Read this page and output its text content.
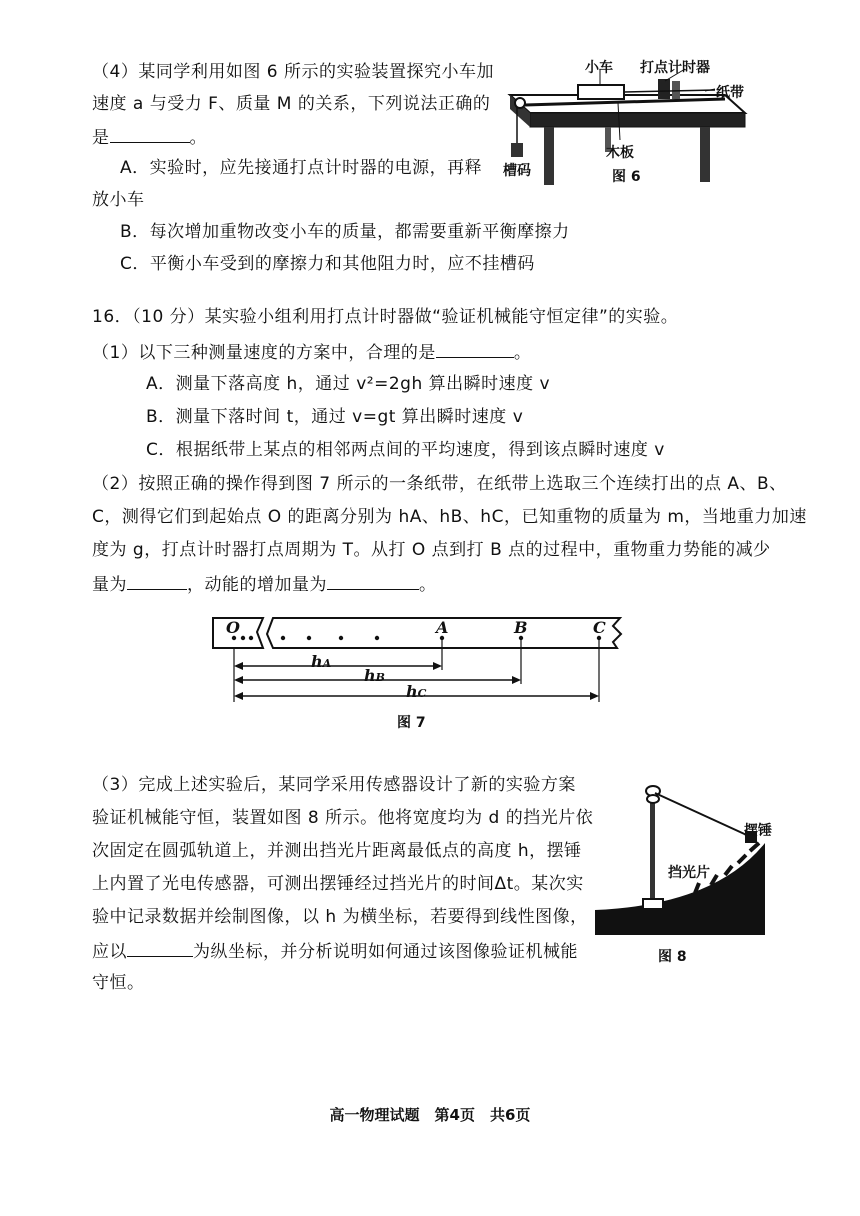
（4）某同学利用如图 6 所示的实验装置探究小车加
速度 a 与受力 F、质量 M 的关系，下列说法正确的
是	。
A．实验时，应先接通打点计时器的电源，再释
放小车
B．每次增加重物改变小车的质量，都需要重新平衡摩擦力
C．平衡小车受到的摩擦力和其他阻力时，应不挂槽码
小车 打点计时器
纸带
木板
槽码	图 6
16．（10 分）某实验小组利用打点计时器做“验证机械能守恒定律”的实验。
（1）以下三种测量速度的方案中，合理的是	。
A．测量下落高度 h，通过 v²=2gh 算出瞬时速度 v
B．测量下落时间 t，通过 v=gt 算出瞬时速度 v
C．根据纸带上某点的相邻两点间的平均速度，得到该点瞬时速度 v
（2）按照正确的操作得到图 7 所示的一条纸带，在纸带上选取三个连续打出的点 A、B、
C，测得它们到起始点 O 的距离分别为 hA、hB、hC，已知重物的质量为 m，当地重力加速
度为 g，打点计时器打点周期为 T。从打 O 点到打 B 点的过程中，重物重力势能的减少
量为	，动能的增加量为	。
O	A	B	C
hA
hB
hC
图 7
（3）完成上述实验后，某同学采用传感器设计了新的实验方案
验证机械能守恒，装置如图 8 所示。他将宽度均为 d 的挡光片依
次固定在圆弧轨道上，并测出挡光片距离最低点的高度 h，摆锤
上内置了光电传感器，可测出摆锤经过挡光片的时间Δt。某次实
验中记录数据并绘制图像，以 h 为横坐标，若要得到线性图像，
应以	为纵坐标，并分析说明如何通过该图像验证机械能
守恒。
摆锤
挡光片
图 8
高一物理试题　第4页　共6页
